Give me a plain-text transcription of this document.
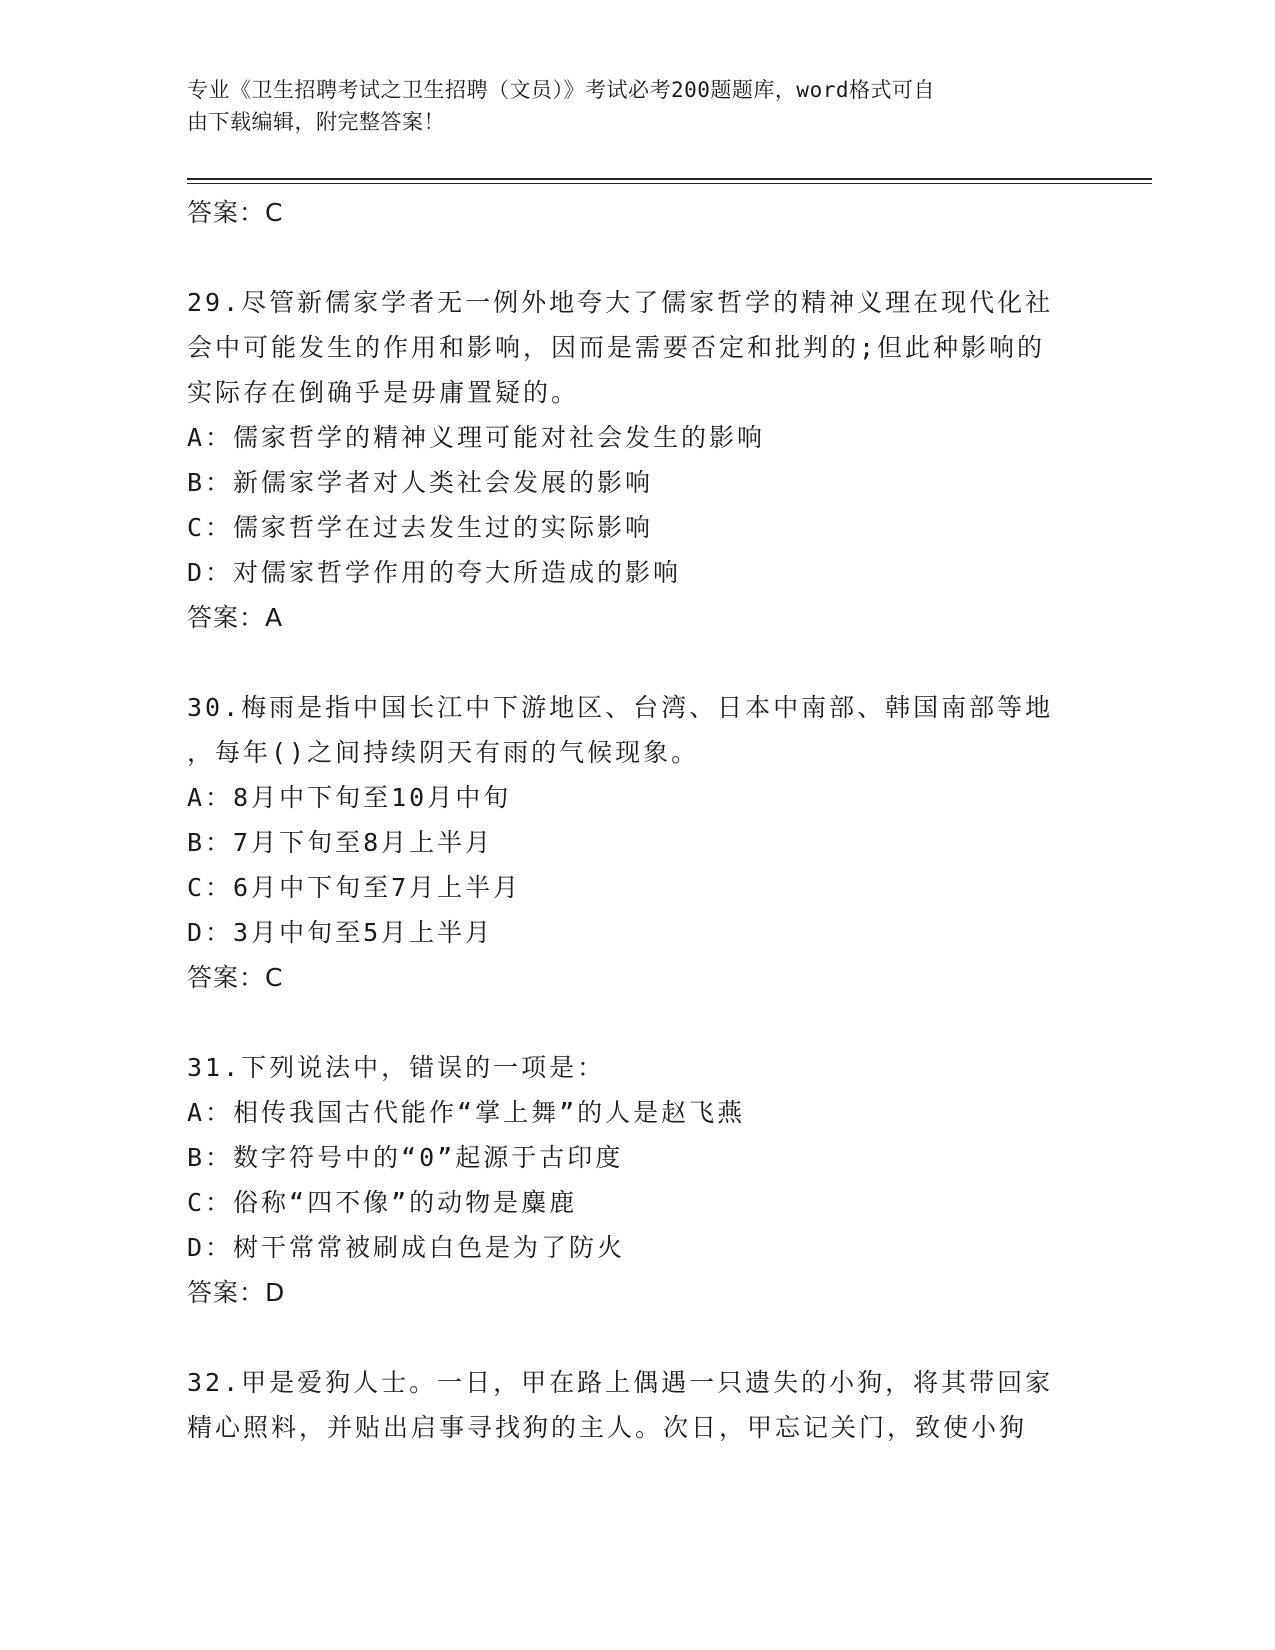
专业《卫生招聘考试之卫生招聘（文员）》考试必考200题题库，word格式可自
由下载编辑，附完整答案！

答案：C

29.尽管新儒家学者无一例外地夸大了儒家哲学的精神义理在现代化社
会中可能发生的作用和影响，因而是需要否定和批判的;但此种影响的
实际存在倒确乎是毋庸置疑的。

A：儒家哲学的精神义理可能对社会发生的影响

B：新儒家学者对人类社会发展的影响

C：儒家哲学在过去发生过的实际影响

D：对儒家哲学作用的夸大所造成的影响

答案：A

30.梅雨是指中国长江中下游地区、台湾、日本中南部、韩国南部等地
，每年()之间持续阴天有雨的气候现象。

A：8月中下旬至10月中旬

B：7月下旬至8月上半月

C：6月中下旬至7月上半月

D：3月中旬至5月上半月

答案：C

31.下列说法中，错误的一项是：

A：相传我国古代能作“掌上舞”的人是赵飞燕

B：数字符号中的“0”起源于古印度

C：俗称“四不像”的动物是麋鹿

D：树干常常被刷成白色是为了防火

答案：D

32.甲是爱狗人士。一日，甲在路上偶遇一只遗失的小狗，将其带回家
精心照料，并贴出启事寻找狗的主人。次日，甲忘记关门，致使小狗
